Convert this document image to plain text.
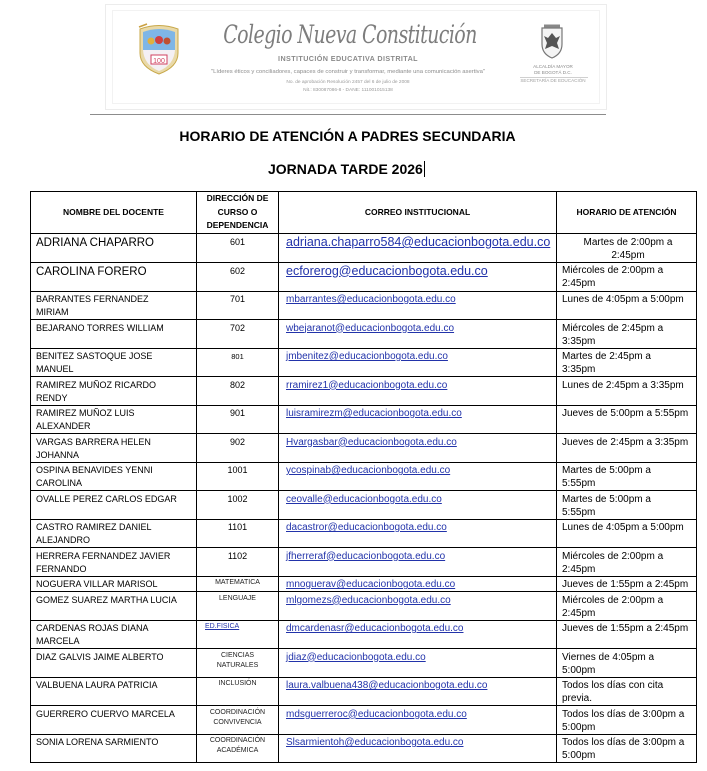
100
Colegio Nueva Constitución
INSTITUCIÓN EDUCATIVA DISTRITAL
"Líderes éticos y conciliadores, capaces de construir y transformar, mediante una comunicación asertiva"
No. de aprobación Resolución 2457 del 6 de julio de 2008
Nit.: 830087086-8 - DANE: 111001015138
ALCALDÍA MAYOR
DE BOGOTÁ D.C.
SECRETARÍA DE EDUCACIÓN
HORARIO DE ATENCIÓN A PADRES SECUNDARIA
JORNADA TARDE 2026
NOMBRE DEL DOCENTE	DIRECCIÓN DE CURSO O DEPENDENCIA	CORREO INSTITUCIONAL	HORARIO DE ATENCIÓN
ADRIANA CHAPARRO	601	adriana.chaparro584@educacionbogota.edu.co	Martes de 2:00pm a 2:45pm

CAROLINA FORERO	602	ecforerog@educacionbogota.edu.co	Miércoles de 2:00pm a 2:45pm

BARRANTES FERNANDEZ MIRIAM	701	mbarrantes@educacionbogota.edu.co	Lunes de 4:05pm a 5:00pm

BEJARANO TORRES WILLIAM	702	wbejaranot@educacionbogota.edu.co	Miércoles de 2:45pm a 3:35pm

BENITEZ SASTOQUE JOSE MANUEL	801	jmbenitez@educacionbogota.edu.co	Martes de 2:45pm a 3:35pm

RAMIREZ MUÑOZ RICARDO RENDY	802	rramirez1@educacionbogota.edu.co	Lunes de 2:45pm a 3:35pm

RAMIREZ MUÑOZ LUIS ALEXANDER	901	luisramirezm@educacionbogota.edu.co	Jueves de 5:00pm a 5:55pm

VARGAS BARRERA HELEN JOHANNA	902	Hvargasbar@educacionbogota.edu.co	Jueves de 2:45pm a 3:35pm

OSPINA BENAVIDES YENNI CAROLINA	1001	ycospinab@educacionbogota.edu.co	Martes de 5:00pm a 5:55pm

OVALLE PEREZ CARLOS EDGAR	1002	ceovalle@educacionbogota.edu.co	Martes de 5:00pm a 5:55pm

CASTRO RAMIREZ DANIEL ALEJANDRO	1101	dacastror@educacionbogota.edu.co	Lunes de 4:05pm a 5:00pm

HERRERA FERNANDEZ JAVIER FERNANDO	1102	jfherreraf@educacionbogota.edu.co	Miércoles de 2:00pm a 2:45pm

NOGUERA VILLAR MARISOL	MATEMATICA	mnoguerav@educacionbogota.edu.co	Jueves de 1:55pm a 2:45pm

GOMEZ SUAREZ MARTHA LUCIA	LENGUAJE	mlgomezs@educacionbogota.edu.co	Miércoles de 2:00pm a 2:45pm

CARDENAS ROJAS DIANA MARCELA	ED.FISICA	dmcardenasr@educacionbogota.edu.co	Jueves de 1:55pm a 2:45pm

DIAZ GALVIS JAIME ALBERTO	CIENCIAS NATURALES	jdiaz@educacionbogota.edu.co	Viernes de 4:05pm a 5:00pm

VALBUENA LAURA PATRICIA	INCLUSIÓN	laura.valbuena438@educacionbogota.edu.co	Todos los días con cita previa.

GUERRERO CUERVO MARCELA	COORDINACIÓN CONVIVENCIA	mdsguerreroc@educacionbogota.edu.co	Todos los días de 3:00pm a 5:00pm

SONIA LORENA SARMIENTO	COORDINACIÓN ACADÉMICA	Slsarmientoh@educacionbogota.edu.co	Todos los días de 3:00pm a 5:00pm
